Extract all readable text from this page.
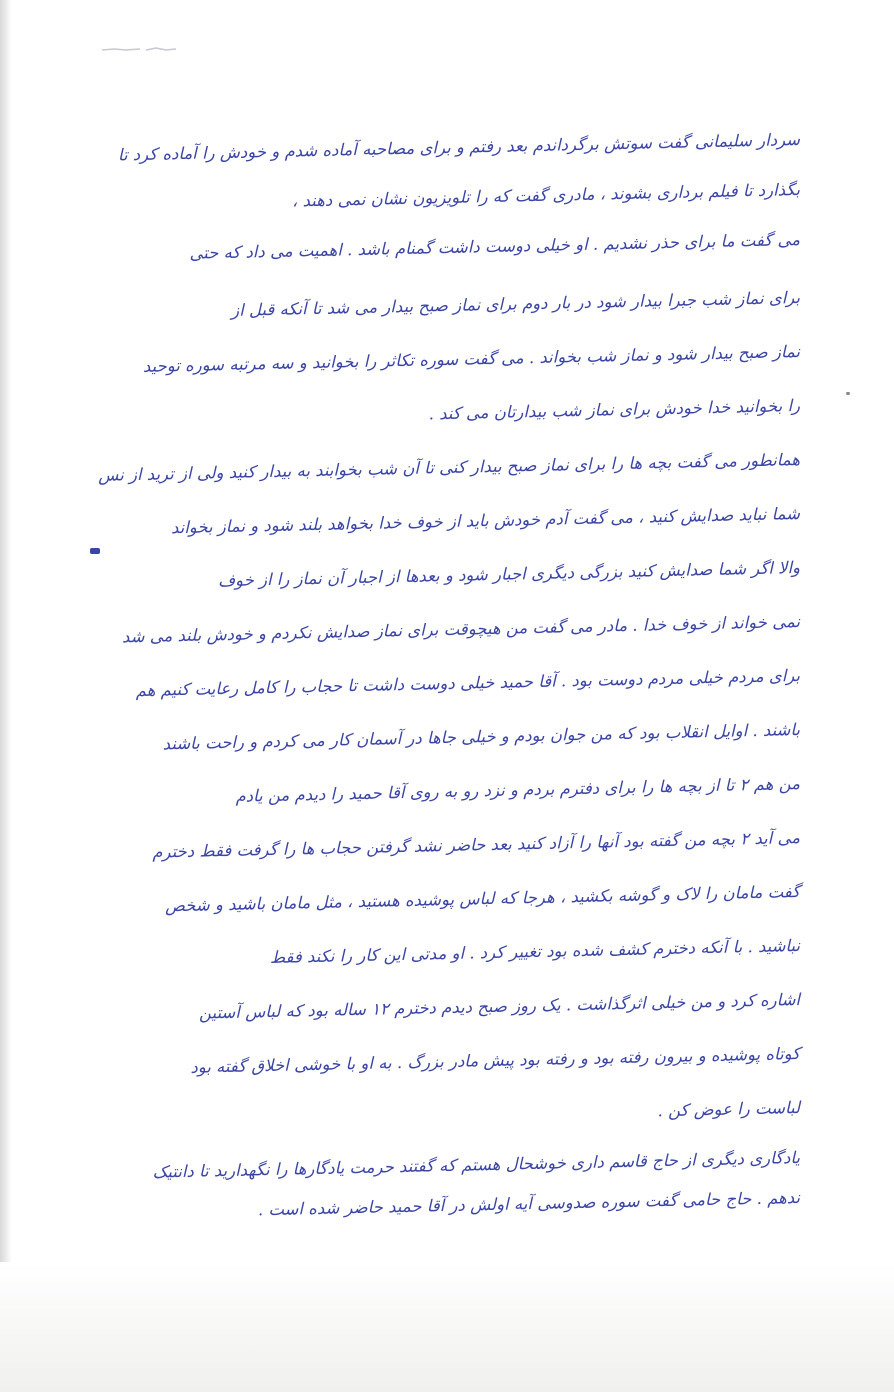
سردار سلیمانی گفت سوتش برگرداندم بعد رفتم و برای مصاحبه آماده شدم و خودش را آماده کرد تا
بگذارد تا فیلم برداری بشوند ، مادری گفت که را تلویزیون نشان نمی دهند ،
می گفت ما برای حذر نشدیم . او خیلی دوست داشت گمنام باشد . اهمیت می داد که حتی
برای نماز شب جبرا بیدار شود در بار دوم برای نماز صبح بیدار می شد تا آنکه قبل از
نماز صبح بیدار شود و نماز شب بخواند . می گفت سوره تکاثر را بخوانید و سه مرتبه سوره توحید
را بخوانید خدا خودش برای نماز شب بیدارتان می کند .
همانطور می گفت بچه ها را برای نماز صبح بیدار کنی تا آن شب بخوابند به بیدار کنید ولی از ترید از نس
شما نباید صدایش کنید ، می گفت آدم خودش باید از خوف خدا بخواهد بلند شود و نماز بخواند
والا اگر شما صدایش کنید بزرگی دیگری اجبار شود و بعدها از اجبار آن نماز را از خوف
نمی خواند از خوف خدا . مادر می گفت من هیچوقت برای نماز صدایش نکردم و خودش بلند می شد
برای مردم خیلی مردم دوست بود . آقا حمید خیلی دوست داشت تا حجاب را کامل رعایت کنیم هم
باشند . اوایل انقلاب بود که من جوان بودم و خیلی جاها در آسمان کار می کردم و راحت باشند
من هم ۲ تا از بچه ها را برای دفترم بردم و نزد رو به روی آقا حمید را دیدم من یادم
می آید ۲ بچه من گفته بود آنها را آزاد کنید بعد حاضر نشد گرفتن حجاب ها را گرفت فقط دخترم
گفت مامان را لاک و گوشه بکشید ، هرجا که لباس پوشیده هستید ، مثل مامان باشید و شخص
نباشید . با آنکه دخترم کشف شده بود تغییر کرد . او مدتی این کار را نکند فقط
اشاره کرد و من خیلی اثرگذاشت . یک روز صبح دیدم دخترم ۱۲ ساله بود که لباس آستین
کوتاه پوشیده و بیرون رفته بود و رفته بود پیش مادر بزرگ . به او با خوشی اخلاق گفته بود
لباست را عوض کن .
یادگاری دیگری از حاج قاسم داری خوشحال هستم که گفتند حرمت یادگارها را نگهدارید تا دانتیک
ندهم . حاج حامی گفت سوره صدوسی آیه اولش در آقا حمید حاضر شده است .
